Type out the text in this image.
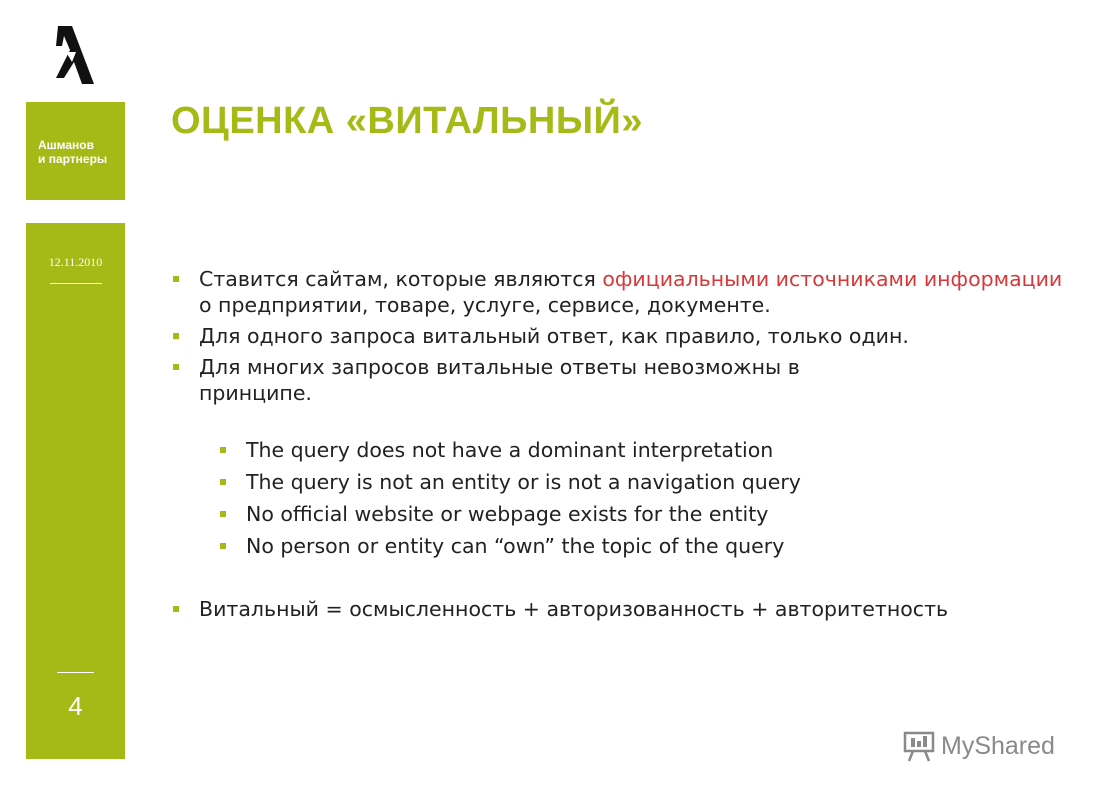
Ашманов
и партнеры
12.11.2010
4
ОЦЕНКА «ВИТАЛЬНЫЙ»
Ставится сайтам, которые являются официальными источниками информации о предприятии, товаре, услуге, сервисе, документе.
Для одного запроса витальный ответ, как правило, только один.
Для многих запросов витальные ответы невозможны в принципе.
The query does not have a dominant interpretation
The query is not an entity or is not a navigation query
No official website or webpage exists for the entity
No person or entity can “own” the topic of the query
Витальный = осмысленность + авторизованность + авторитетность
MyShared
